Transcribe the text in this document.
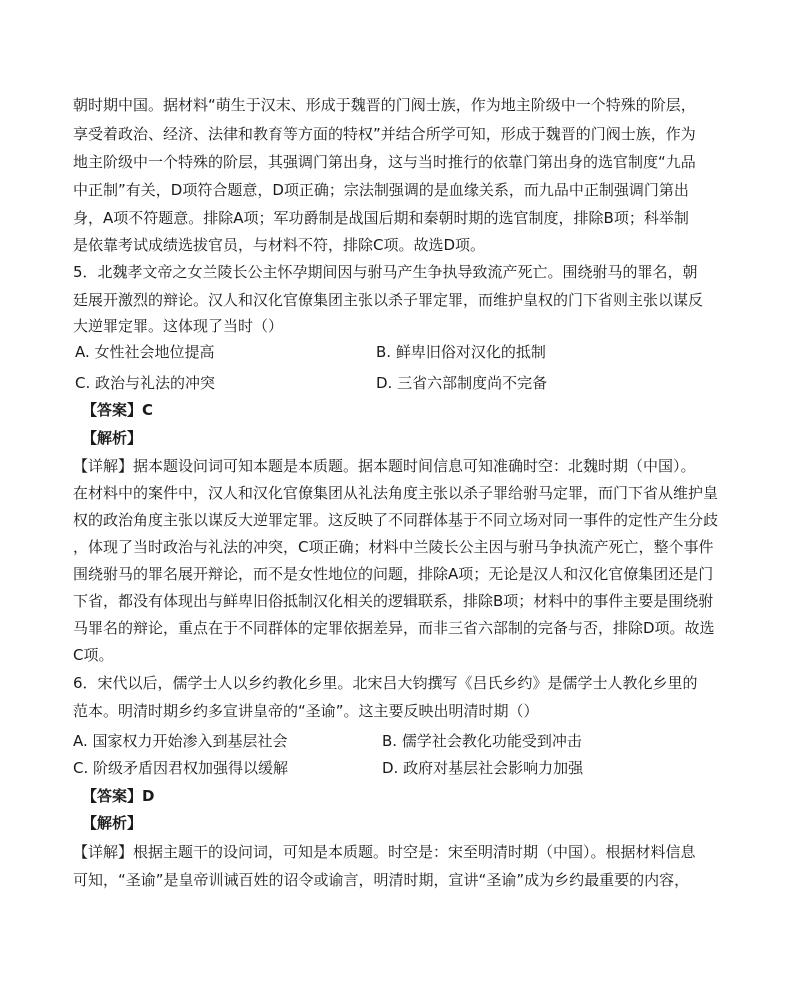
朝时期中国。据材料“萌生于汉末、形成于魏晋的门阀士族，作为地主阶级中一个特殊的阶层，
享受着政治、经济、法律和教育等方面的特权”并结合所学可知，形成于魏晋的门阀士族，作为
地主阶级中一个特殊的阶层，其强调门第出身，这与当时推行的依靠门第出身的选官制度“九品
中正制”有关，D项符合题意，D项正确；宗法制强调的是血缘关系，而九品中正制强调门第出
身，A项不符题意。排除A项；军功爵制是战国后期和秦朝时期的选官制度，排除B项；科举制
是依靠考试成绩选拔官员，与材料不符，排除C项。故选D项。
5．北魏孝文帝之女兰陵长公主怀孕期间因与驸马产生争执导致流产死亡。围绕驸马的罪名，朝
廷展开激烈的辩论。汉人和汉化官僚集团主张以杀子罪定罪，而维护皇权的门下省则主张以谋反
大逆罪定罪。这体现了当时（）
A. 女性社会地位提高	B. 鲜卑旧俗对汉化的抵制
C. 政治与礼法的冲突	D. 三省六部制度尚不完备
【答案】C
【解析】
【详解】据本题设问词可知本题是本质题。据本题时间信息可知准确时空：北魏时期（中国）。
在材料中的案件中，汉人和汉化官僚集团从礼法角度主张以杀子罪给驸马定罪，而门下省从维护皇
权的政治角度主张以谋反大逆罪定罪。这反映了不同群体基于不同立场对同一事件的定性产生分歧
，体现了当时政治与礼法的冲突，C项正确；材料中兰陵长公主因与驸马争执流产死亡，整个事件
围绕驸马的罪名展开辩论，而不是女性地位的问题，排除A项；无论是汉人和汉化官僚集团还是门
下省，都没有体现出与鲜卑旧俗抵制汉化相关的逻辑联系，排除B项；材料中的事件主要是围绕驸
马罪名的辩论，重点在于不同群体的定罪依据差异，而非三省六部制的完备与否，排除D项。故选
C项。
6．宋代以后，儒学士人以乡约教化乡里。北宋吕大钧撰写《吕氏乡约》是儒学士人教化乡里的
范本。明清时期乡约多宣讲皇帝的“圣谕”。这主要反映出明清时期（）
A. 国家权力开始渗入到基层社会	B. 儒学社会教化功能受到冲击
C. 阶级矛盾因君权加强得以缓解	D. 政府对基层社会影响力加强
【答案】D
【解析】
【详解】根据主题干的设问词，可知是本质题。时空是：宋至明清时期（中国）。根据材料信息
可知，“圣谕”是皇帝训诫百姓的诏令或谕言，明清时期，宣讲“圣谕”成为乡约最重要的内容，
